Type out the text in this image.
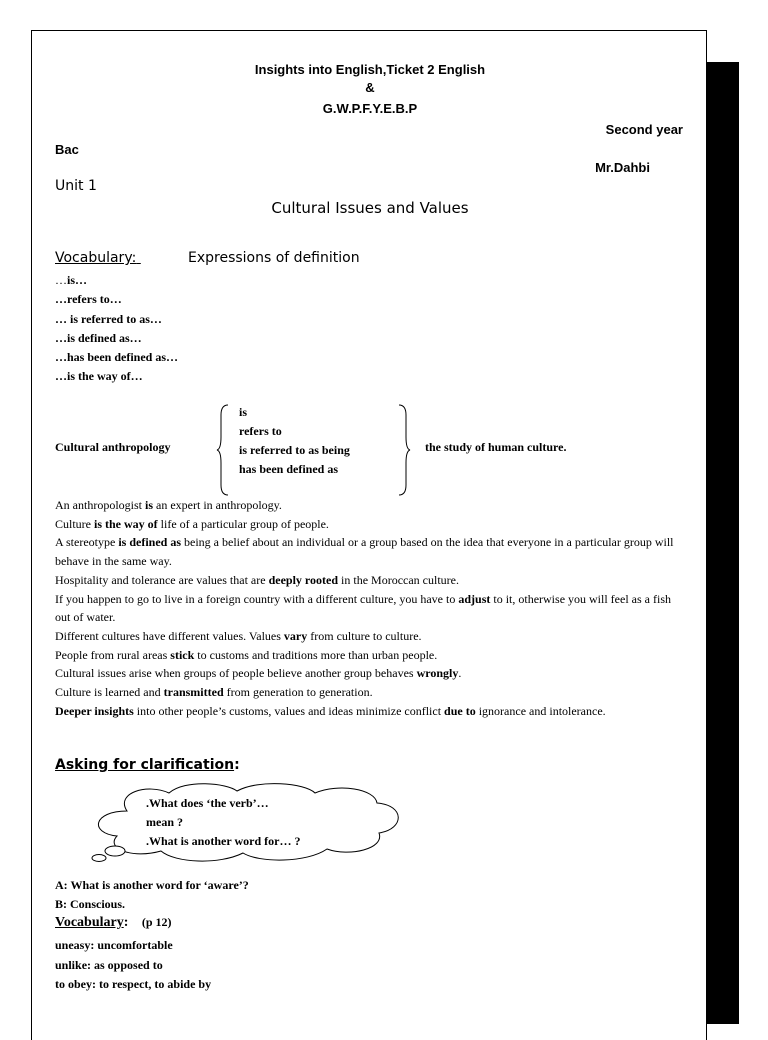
Insights into English,Ticket 2 English
&
G.W.P.F.Y.E.B.P
Second year
Bac
Mr.Dahbi
Unit 1
Cultural Issues and Values
Vocabulary:	Expressions of definition
…is…
…refers to…
… is referred to as…
…is defined as…
…has been defined as…
…is the way of…
Cultural anthropology
is
refers to
is referred to as being
has been defined as
the study of human culture.

An anthropologist is an expert in anthropology.

Culture is the way of life of a particular group of people.

A stereotype is defined as being a belief about an individual or a group based on the idea that everyone in a particular group will behave in the same way.

Hospitality and tolerance are values that are deeply rooted in the Moroccan culture.

If you happen to go to live in a foreign country with a different culture, you have to adjust to it, otherwise you will feel as a fish out of water.

Different cultures have different values. Values vary from culture to culture.

People from rural areas stick to customs and traditions more than urban people.

Cultural issues arise when groups of people believe another group behaves wrongly.

Culture is learned and transmitted from generation to generation.

Deeper insights into other people’s customs, values and ideas minimize conflict due to ignorance and intolerance.

Asking for clarification:
.What does ‘the verb’…
mean ?
.What is another word for… ?
A: What is another word for ‘aware’?
B: Conscious.
Vocabulary: (p 12)
uneasy: uncomfortable
unlike: as opposed to
to obey: to respect, to abide by
